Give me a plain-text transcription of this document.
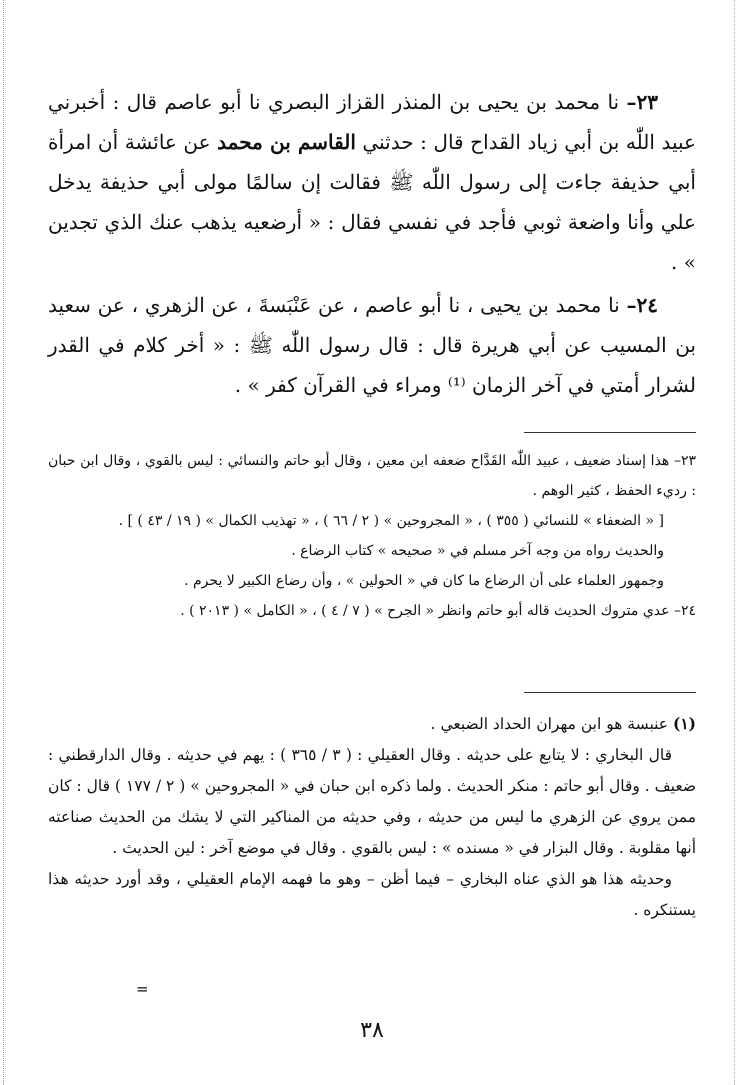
٢٣– نا محمد بن يحيى بن المنذر القزاز البصري نا أبو عاصم قال : أخبرني عبيد اللّٰه بن أبي زياد القداح قال : حدثني القاسم بن محمد عن عائشة أن امرأة أبي حذيفة جاءت إلى رسول اللّٰه ﷺ فقالت إن سالمًا مولى أبي حذيفة يدخل علي وأنا واضعة ثوبي فأجد في نفسي فقال : « أرضعيه يذهب عنك الذي تجدين » .

٢٤– نا محمد بن يحيى ، نا أبو عاصم ، عن عَنْبَسةَ ، عن الزهري ، عن سعيد بن المسيب عن أبي هريرة قال : قال رسول اللّٰه ﷺ : « أخر كلام في القدر لشرار أمتي في آخر الزمان ⁽¹⁾ ومراء في القرآن كفر » .

٢٣– هذا إسناد ضعيف ، عبيد اللّٰه القَدَّاح ضعفه ابن معين ، وقال أبو حاتم والنسائي : ليس بالقوي ، وقال ابن حبان : رديء الحفظ ، كثير الوهم .

[ « الضعفاء » للنسائي ( ٣٥٥ ) ، « المجروحين » ( ٢ / ٦٦ ) ، « تهذيب الكمال » ( ١٩ / ٤٣ ) ] .

والحديث رواه من وجه آخر مسلم في « صحيحه » كتاب الرضاع .

وجمهور العلماء على أن الرضاع ما كان في « الحولين » ، وأن رضاع الكبير لا يحرم .

٢٤– عدي متروك الحديث قاله أبو حاتم وانظر « الجرح » ( ٧ / ٤ ) ، « الكامل » ( ٢٠١٣ ) .

(١) عنبسة هو ابن مهران الحداد الضبعي .

قال البخاري : لا يتابع على حديثه . وقال العقيلي : ( ٣ / ٣٦٥ ) : يهم في حديثه . وقال الدارقطني : ضعيف . وقال أبو حاتم : منكر الحديث . ولما ذكره ابن حبان في « المجروحين » ( ٢ / ١٧٧ ) قال : كان ممن يروي عن الزهري ما ليس من حديثه ، وفي حديثه من المناكير التي لا يشك من الحديث صناعته أنها مقلوبة . وقال البزار في « مسنده » : ليس بالقوي . وقال في موضع آخر : لين الحديث .

وحديثه هذا هو الذي عناه البخاري – فيما أظن – وهو ما فهمه الإمام العقيلي ، وقد أورد حديثه هذا يستنكره .

=
٣٨
